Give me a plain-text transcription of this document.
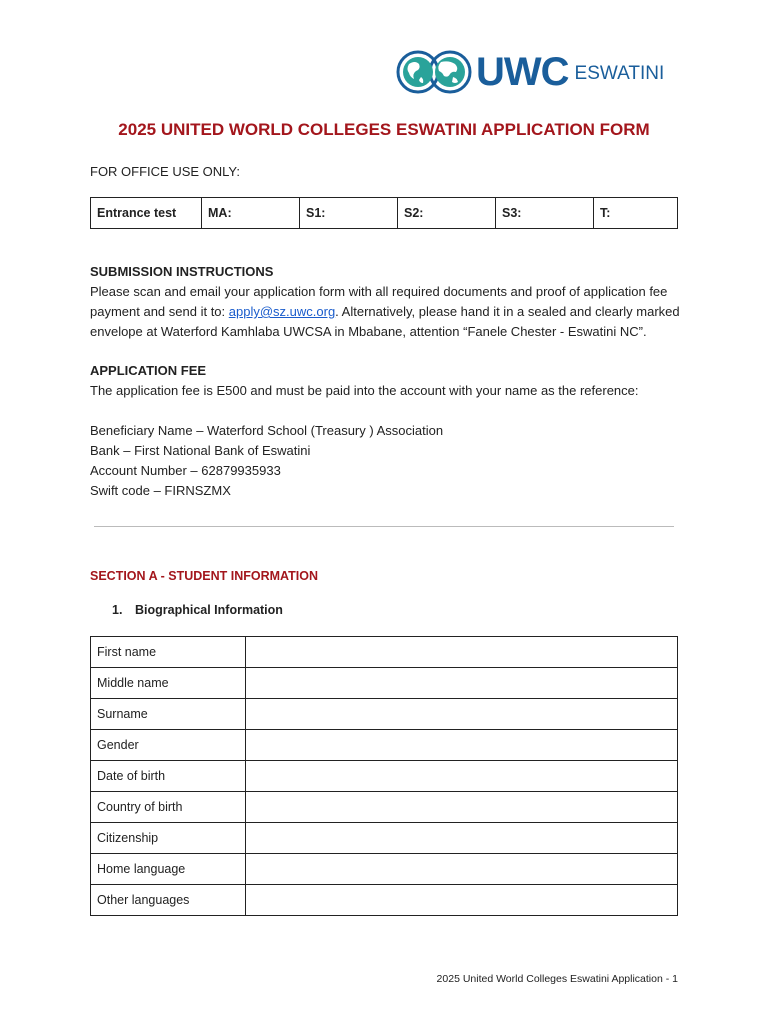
UWC ESWATINI
2025 UNITED WORLD COLLEGES ESWATINI APPLICATION FORM

FOR OFFICE USE ONLY:

Entrance test	MA:	S1:	S2:	S3:	T:

SUBMISSION INSTRUCTIONS

Please scan and email your application form with all required documents and proof of application fee

payment and send it to: apply@sz.uwc.org. Alternatively, please hand it in a sealed and clearly marked

envelope at Waterford Kamhlaba UWCSA in Mbabane, attention “Fanele Chester - Eswatini NC”.

APPLICATION FEE

The application fee is E500 and must be paid into the account with your name as the reference:

Beneficiary Name – Waterford School (Treasury ) Association

Bank – First National Bank of Eswatini

Account Number – 62879935933

Swift code – FIRNSZMX

SECTION A - STUDENT INFORMATION

1. Biographical Information

First name	
Middle name	
Surname	
Gender	
Date of birth	
Country of birth	
Citizenship	
Home language	
Other languages	

2025 United World Colleges Eswatini Application - 1
